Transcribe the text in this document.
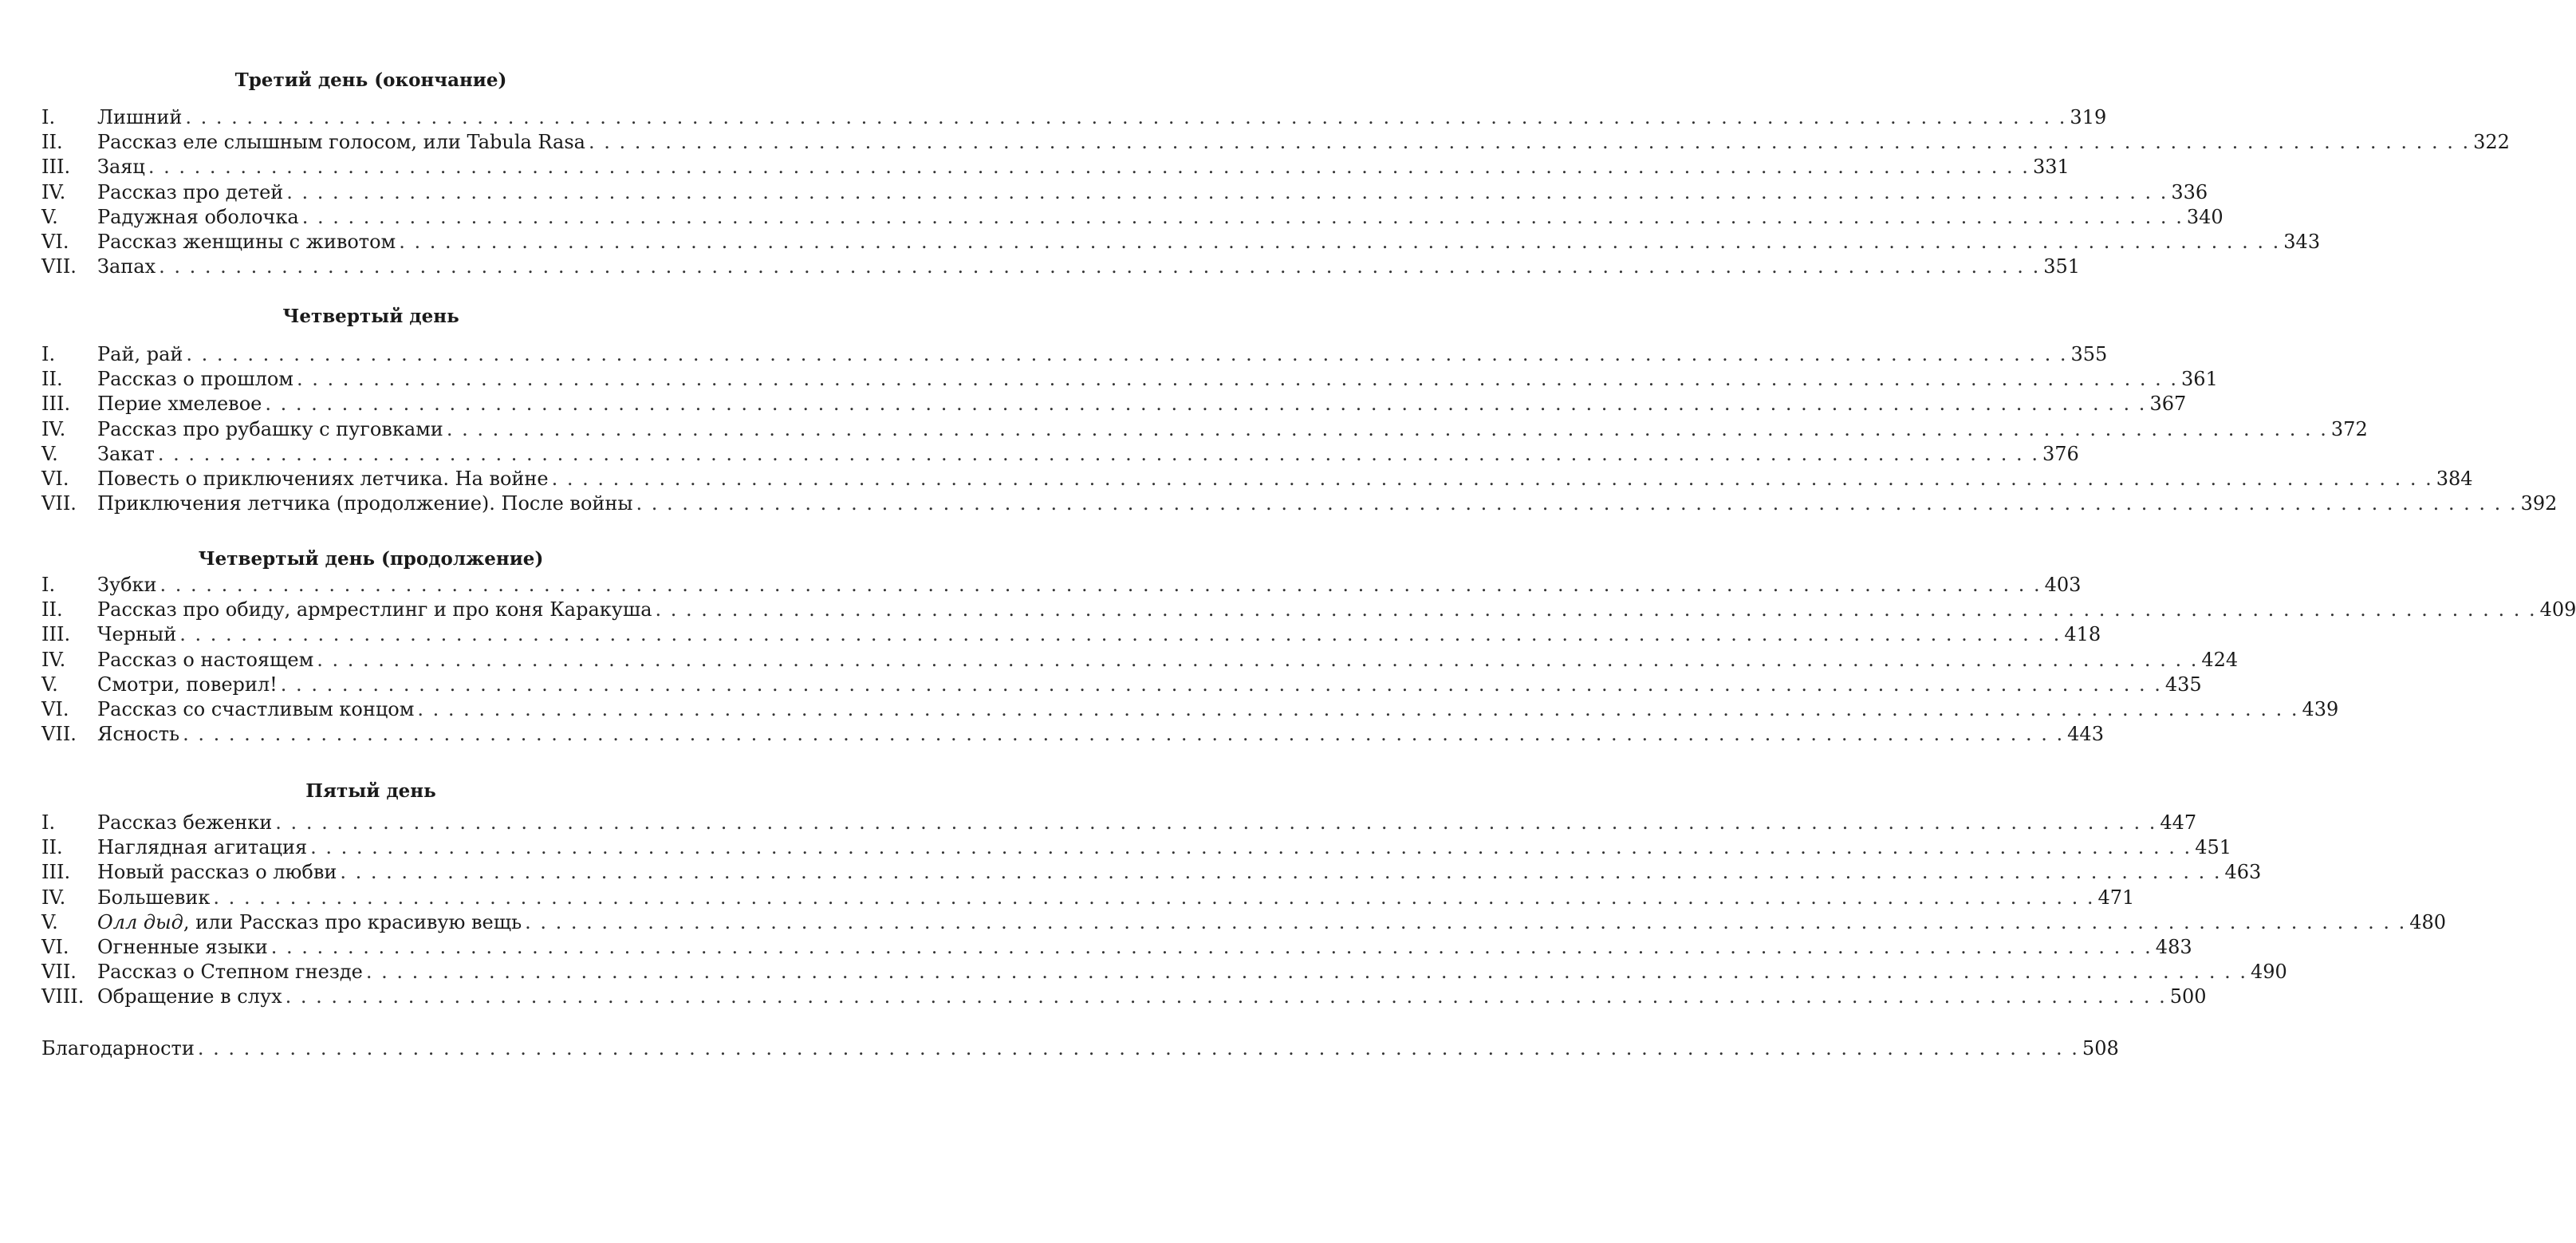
Третий день (окончание)
I.	Лишний . . .	319
II.	Рассказ еле слышным голосом, или Tabula Rasa . . .	322
III.	Заяц . . .	331
IV.	Рассказ про детей . . .	336
V.	Радужная оболочка . . .	340
VI.	Рассказ женщины с животом . . .	343
VII.	Запах . . .	351
Четвертый день
I.	Рай, рай . . .	355
II.	Рассказ о прошлом . . .	361
III.	Перие хмелевое . . .	367
IV.	Рассказ про рубашку с пуговками . . .	372
V.	Закат . . .	376
VI.	Повесть о приключениях летчика. На войне . . .	384
VII.	Приключения летчика (продолжение). После войны . . .	392
Четвертый день (продолжение)
I.	Зубки . . .	403
II.	Рассказ про обиду, армрестлинг и про коня Каракуша . . .	409
III.	Черный . . .	418
IV.	Рассказ о настоящем . . .	424
V.	Смотри, поверил! . . .	435
VI.	Рассказ со счастливым концом . . .	439
VII.	Ясность . . .	443
Пятый день
I.	Рассказ беженки . . .	447
II.	Наглядная агитация . . .	451
III.	Новый рассказ о любви . . .	463
IV.	Большевик . . .	471
V.	Олл дыд, или Рассказ про красивую вещь . . .	480
VI.	Огненные языки . . .	483
VII.	Рассказ о Степном гнезде . . .	490
VIII. Обращение в слух . . .	500
Благодарности . . .	508
